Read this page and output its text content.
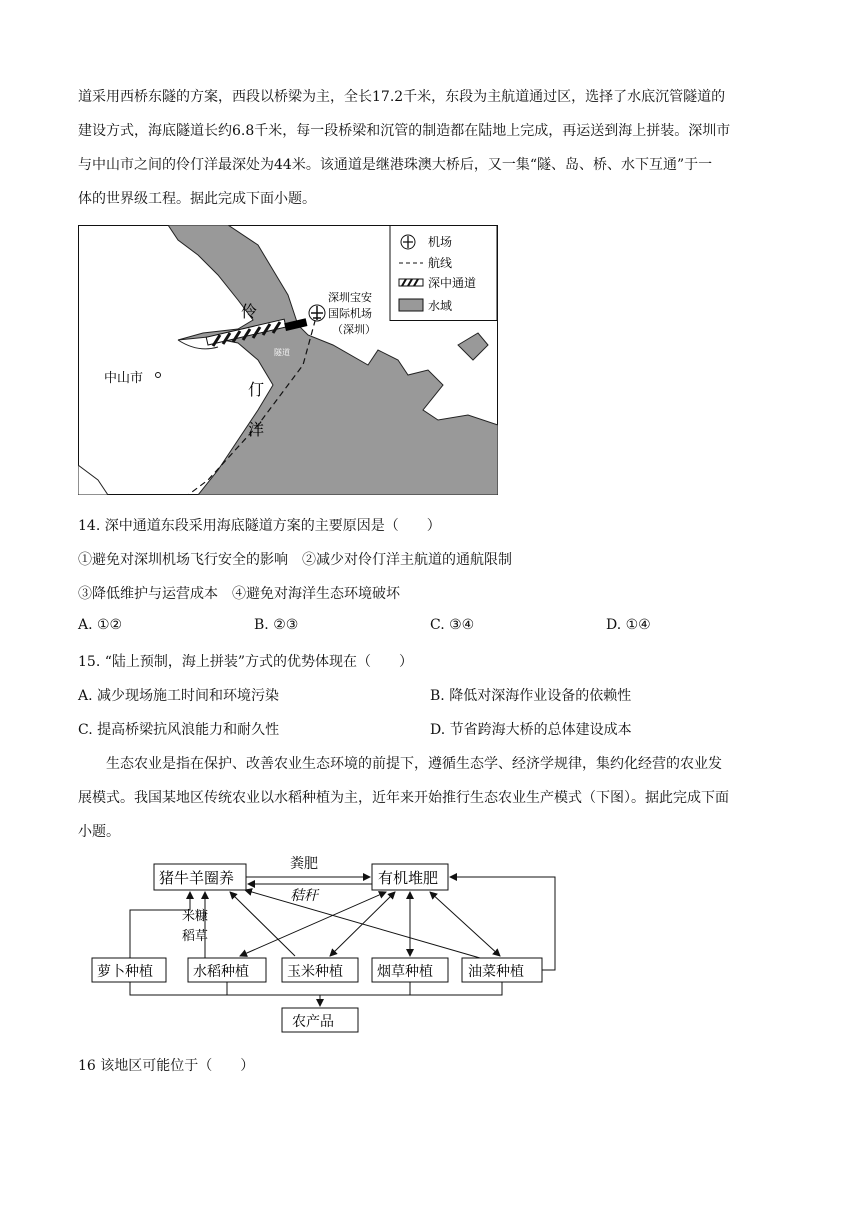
道采用西桥东隧的方案，西段以桥梁为主，全长17.2千米，东段为主航道通过区，选择了水底沉管隧道的
建设方式，海底隧道长约6.8千米，每一段桥梁和沉管的制造都在陆地上完成，再运送到海上拼装。深圳市
与中山市之间的伶仃洋最深处为44米。该通道是继港珠澳大桥后，又一集“隧、岛、桥、水下互通”于一
体的世界级工程。据此完成下面小题。
深圳宝安
国际机场
（深圳）
伶
仃
洋
桥梁
隧道
中山市
机场
航线
深中通道
水域
14. 深中通道东段采用海底隧道方案的主要原因是（　　）
①避免对深圳机场飞行安全的影响　②减少对伶仃洋主航道的通航限制
③降低维护与运营成本　④避免对海洋生态环境破坏
A. ①②	B. ②③	C. ③④	D. ①④
15. “陆上预制，海上拼装”方式的优势体现在（　　）
A. 减少现场施工时间和环境污染	B. 降低对深海作业设备的依赖性
C. 提高桥梁抗风浪能力和耐久性	D. 节省跨海大桥的总体建设成本
生态农业是指在保护、改善农业生态环境的前提下，遵循生态学、经济学规律，集约化经营的农业发
展模式。我国某地区传统农业以水稻种植为主，近年来开始推行生态农业生产模式（下图）。据此完成下面
小题。
猪牛羊圈养	有机堆肥
萝卜种植	水稻种植	玉米种植 烟草种植	油菜种植
农产品
粪肥
秸秆
米糠
稻草
16 该地区可能位于（　　）
